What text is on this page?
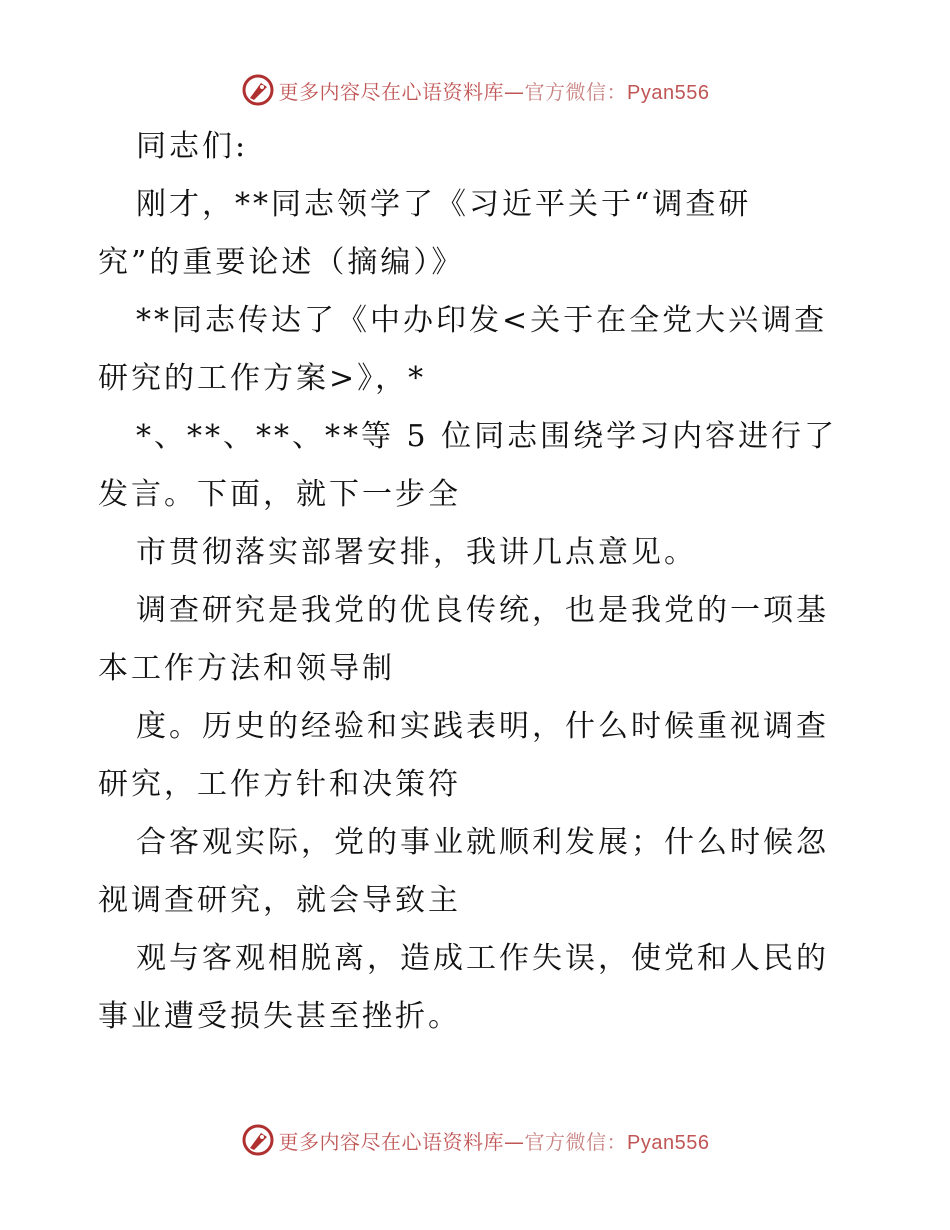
更多内容尽在心语资料库—官方微信：Pyan556
同志们:
刚才，**同志领学了《习近平关于“调查研
究”的重要论述（摘编）》
**同志传达了《中办印发<关于在全党大兴调查
研究的工作方案>》，*
*、**、**、**等 5 位同志围绕学习内容进行了
发言。下面，就下一步全
市贯彻落实部署安排，我讲几点意见。
调查研究是我党的优良传统，也是我党的一项基
本工作方法和领导制
度。历史的经验和实践表明，什么时候重视调查
研究，工作方针和决策符
合客观实际，党的事业就顺利发展；什么时候忽
视调查研究，就会导致主
观与客观相脱离，造成工作失误，使党和人民的
事业遭受损失甚至挫折。
更多内容尽在心语资料库—官方微信：Pyan556
